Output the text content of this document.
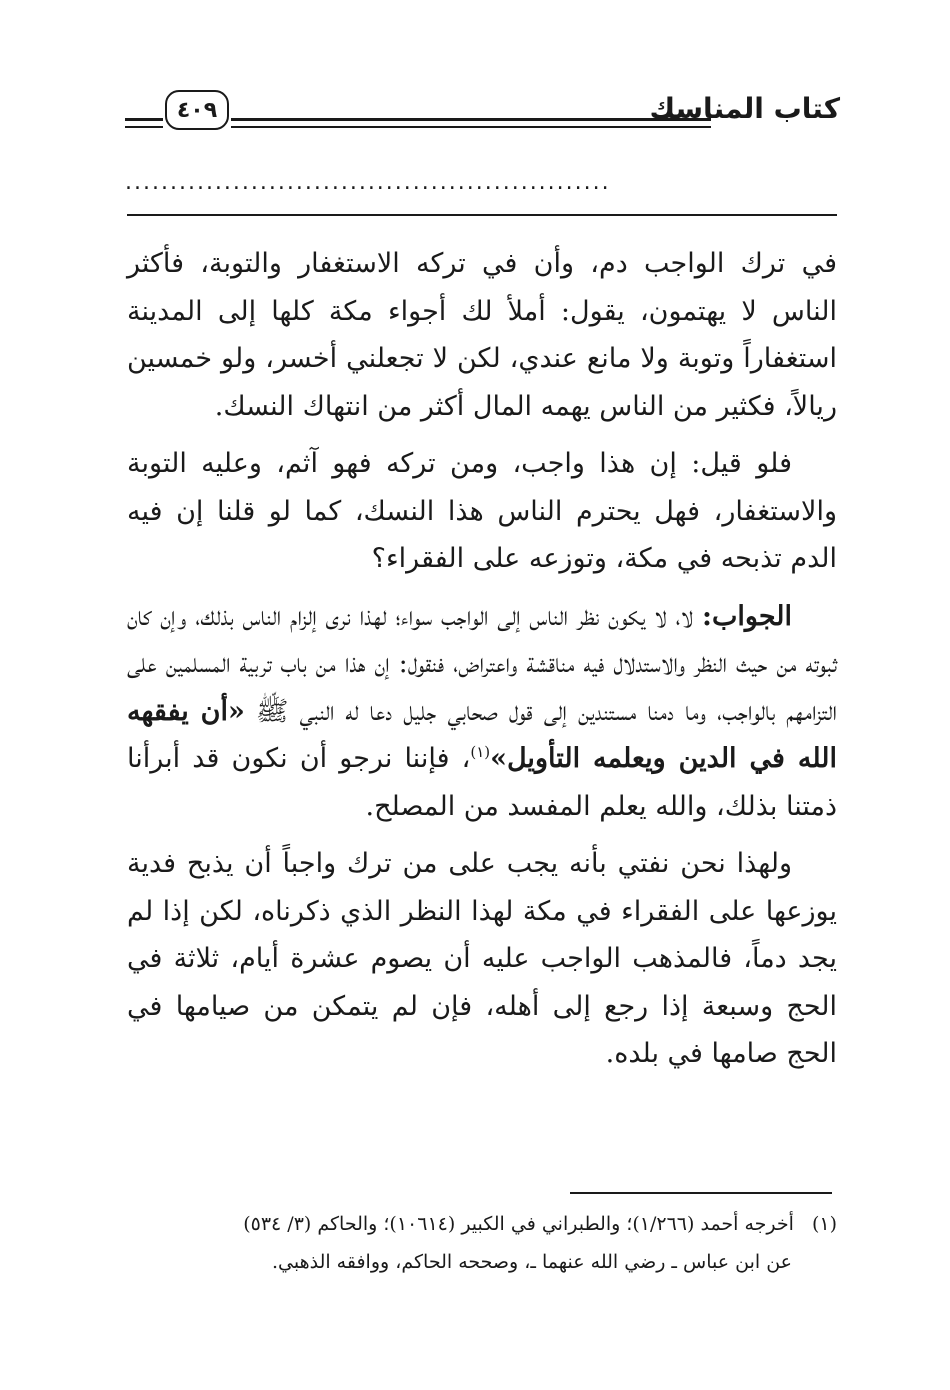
٤٠٩	كتاب المناسك
......................................................

في ترك الواجب دم، وأن في تركه الاستغفار والتوبة، فأكثر الناس لا يهتمون، يقول: أملأ لك أجواء مكة كلها إلى المدينة استغفاراً وتوبة ولا مانع عندي، لكن لا تجعلني أخسر، ولو خمسين ريالاً، فكثير من الناس يهمه المال أكثر من انتهاك النسك.

فلو قيل: إن هذا واجب، ومن تركه فهو آثم، وعليه التوبة والاستغفار، فهل يحترم الناس هذا النسك، كما لو قلنا إن فيه الدم تذبحه في مكة، وتوزعه على الفقراء؟

الجواب: لا، لا يكون نظر الناس إلى الواجب سواء؛ لهذا نرى إلزام الناس بذلك، وإن كان ثبوته من حيث النظر والاستدلال فيه مناقشة واعتراض، فنقول: إن هذا من باب تربية المسلمين على التزامهم بالواجب، وما دمنا مستندين إلى قول صحابي جليل دعا له النبي ﷺ «أن يفقهه الله في الدين ويعلمه التأويل»$^{(١)}$، فإننا نرجو أن نكون قد أبرأنا ذمتنا بذلك، والله يعلم المفسد من المصلح.

ولهذا نحن نفتي بأنه يجب على من ترك واجباً أن يذبح فدية يوزعها على الفقراء في مكة لهذا النظر الذي ذكرناه، لكن إذا لم يجد دماً، فالمذهب الواجب عليه أن يصوم عشرة أيام، ثلاثة في الحج وسبعة إذا رجع إلى أهله، فإن لم يتمكن من صيامها في الحج صامها في بلده.

(١)أخرجه أحمد (١/٢٦٦)؛ والطبراني في الكبير (١٠٦١٤)؛ والحاكم (٣/ ٥٣٤)
عن ابن عباس ـ رضي الله عنهما ـ، وصححه الحاكم، ووافقه الذهبي.
